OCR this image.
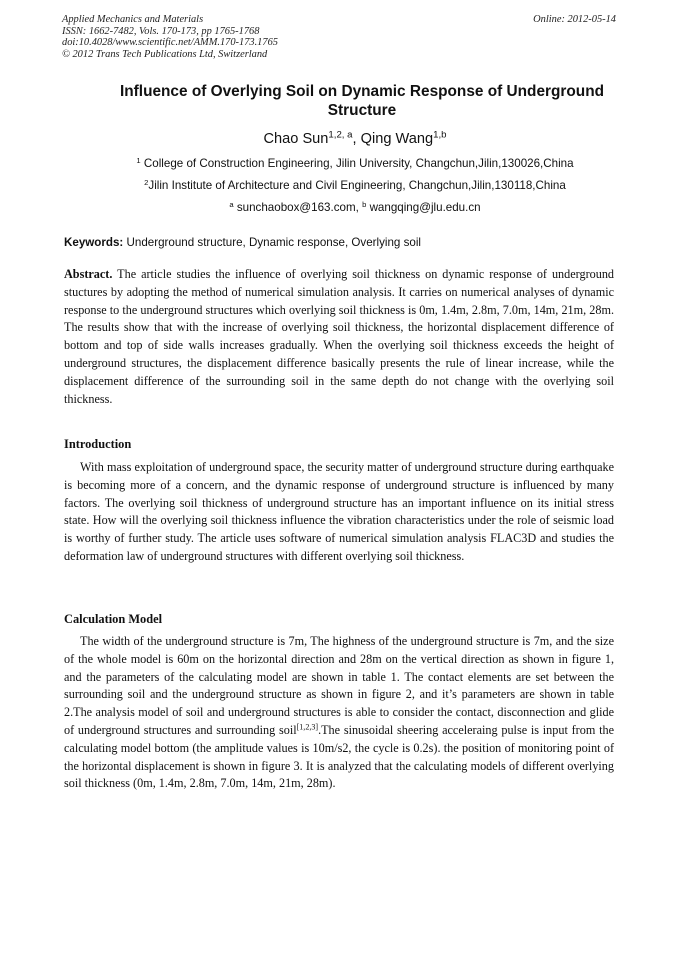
Applied Mechanics and Materials
ISSN: 1662-7482, Vols. 170-173, pp 1765-1768
doi:10.4028/www.scientific.net/AMM.170-173.1765
© 2012 Trans Tech Publications Ltd, Switzerland
Online: 2012-05-14
Influence of Overlying Soil on Dynamic Response of Underground
Structure
Chao Sun$^{1,2, a}$, Qing Wang$^{1,b}$
$^1$ College of Construction Engineering, Jilin University, Changchun,Jilin,130026,China
$^2$Jilin Institute of Architecture and Civil Engineering, Changchun,Jilin,130118,China
$^a$ sunchaobox@163.com, $^b$ wangqing@jlu.edu.cn
Keywords: Underground structure, Dynamic response, Overlying soil
Abstract. The article studies the influence of overlying soil thickness on dynamic response of underground stuctures by adopting the method of numerical simulation analysis. It carries on numerical analyses of dynamic response to the underground structures which overlying soil thickness is 0m, 1.4m, 2.8m, 7.0m, 14m, 21m, 28m. The results show that with the increase of overlying soil thickness, the horizontal displacement difference of bottom and top of side walls increases gradually. When the overlying soil thickness exceeds the height of underground structures, the displacement difference basically presents the rule of linear increase, while the displacement difference of the surrounding soil in the same depth do not change with the overlying soil thickness.
Introduction
With mass exploitation of underground space, the security matter of underground structure during earthquake is becoming more of a concern, and the dynamic response of underground structure is influenced by many factors. The overlying soil thickness of underground structure has an important influence on its initial stress state. How will the overlying soil thickness influence the vibration characteristics under the role of seismic load is worthy of further study. The article uses software of numerical simulation analysis FLAC3D and studies the deformation law of underground structures with different overlying soil thickness.
Calculation Model
The width of the underground structure is 7m, The highness of the underground structure is 7m, and the size of the whole model is 60m on the horizontal direction and 28m on the vertical direction as shown in figure 1, and the parameters of the calculating model are shown in table 1. The contact elements are set between the surrounding soil and the underground structure as shown in figure 2, and it’s parameters are shown in table 2.The analysis model of soil and underground structures is able to consider the contact, disconnection and glide of underground structures and surrounding soil[1,2,3].The sinusoidal sheering acceleraing pulse is input from the calculating model bottom (the amplitude values is 10m/s2, the cycle is 0.2s). the position of monitoring point of the horizontal displacement is shown in figure 3. It is analyzed that the calculating models of different overlying soil thickness (0m, 1.4m, 2.8m, 7.0m, 14m, 21m, 28m).
